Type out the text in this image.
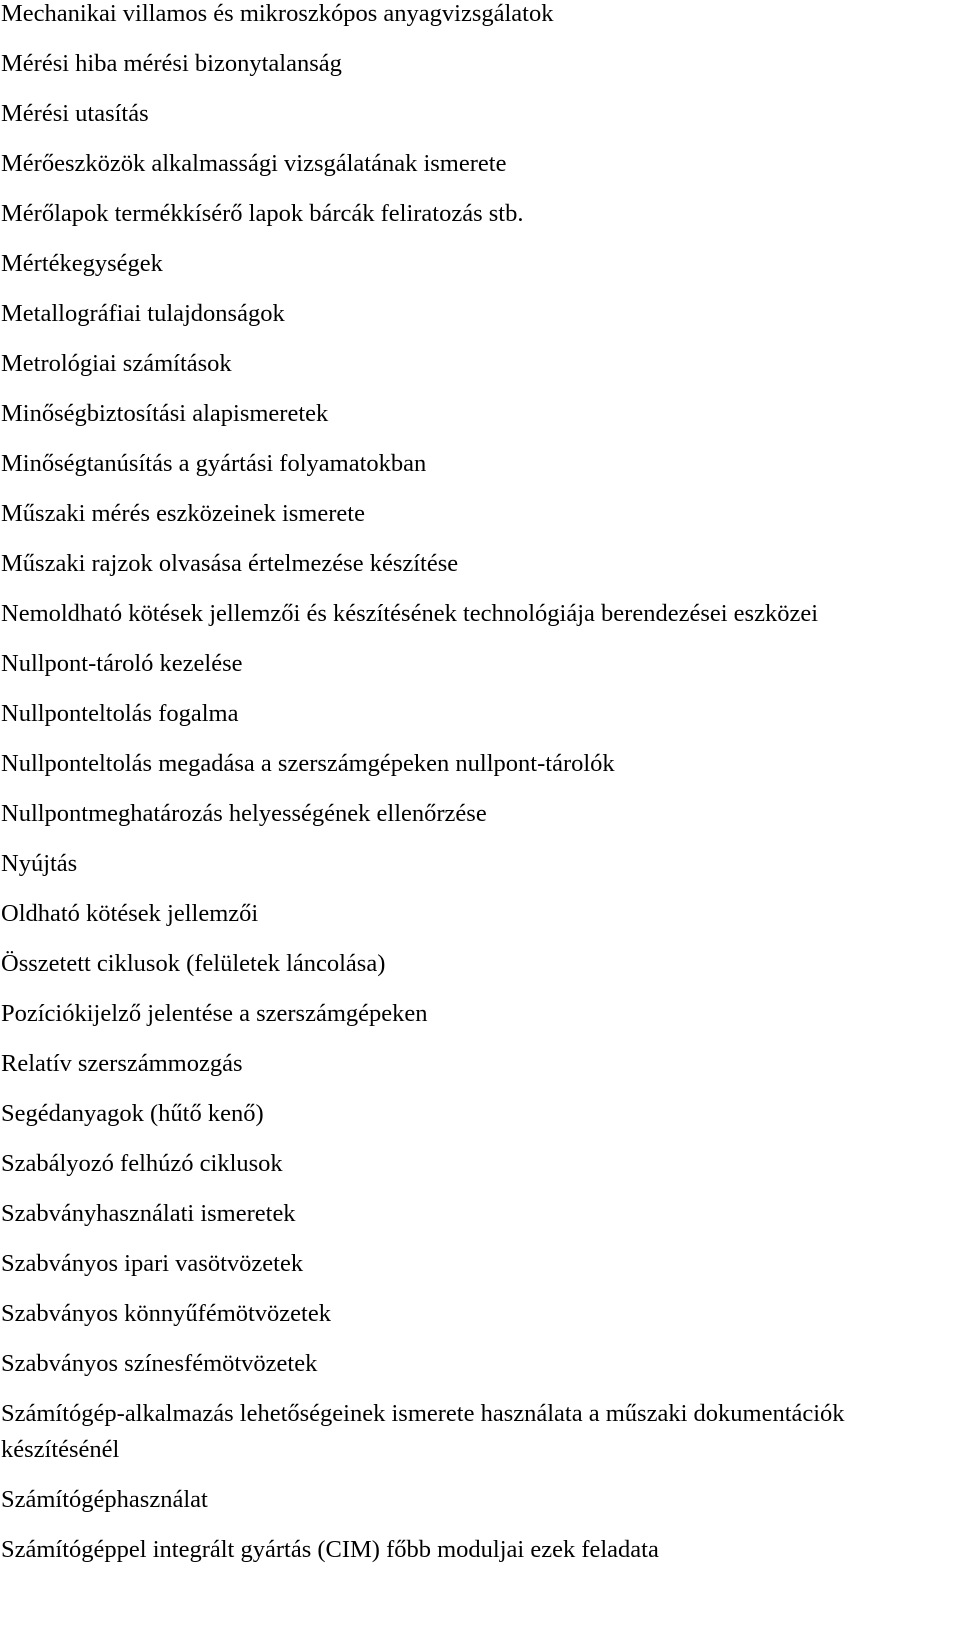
Mechanikai villamos és mikroszkópos anyagvizsgálatok
Mérési hiba mérési bizonytalanság
Mérési utasítás
Mérőeszközök alkalmassági vizsgálatának ismerete
Mérőlapok termékkísérő lapok bárcák feliratozás stb.
Mértékegységek
Metallográfiai tulajdonságok
Metrológiai számítások
Minőségbiztosítási alapismeretek
Minőségtanúsítás a gyártási folyamatokban
Műszaki mérés eszközeinek ismerete
Műszaki rajzok olvasása értelmezése készítése
Nemoldható kötések jellemzői és készítésének technológiája berendezései eszközei
Nullpont-tároló kezelése
Nullponteltolás fogalma
Nullponteltolás megadása a szerszámgépeken nullpont-tárolók
Nullpontmeghatározás helyességének ellenőrzése
Nyújtás
Oldható kötések jellemzői
Összetett ciklusok (felületek láncolása)
Pozíciókijelző jelentése a szerszámgépeken
Relatív szerszámmozgás
Segédanyagok (hűtő kenő)
Szabályozó felhúzó ciklusok
Szabványhasználati ismeretek
Szabványos ipari vasötvözetek
Szabványos könnyűfémötvözetek
Szabványos színesfémötvözetek
Számítógép-alkalmazás lehetőségeinek ismerete használata a műszaki dokumentációk készítésénél
Számítógéphasználat
Számítógéppel integrált gyártás (CIM) főbb moduljai ezek feladata
